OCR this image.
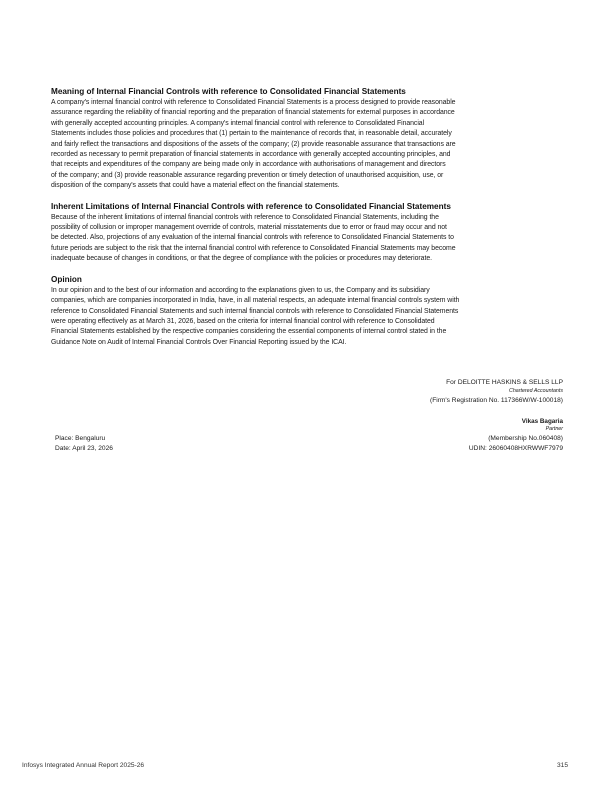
Meaning of Internal Financial Controls with reference to Consolidated Financial Statements
A company's internal financial control with reference to Consolidated Financial Statements is a process designed to provide reasonable
assurance regarding the reliability of financial reporting and the preparation of financial statements for external purposes in accordance
with generally accepted accounting principles. A company's internal financial control with reference to Consolidated Financial
Statements includes those policies and procedures that (1) pertain to the maintenance of records that, in reasonable detail, accurately
and fairly reflect the transactions and dispositions of the assets of the company; (2) provide reasonable assurance that transactions are
recorded as necessary to permit preparation of financial statements in accordance with generally accepted accounting principles, and
that receipts and expenditures of the company are being made only in accordance with authorisations of management and directors
of the company; and (3) provide reasonable assurance regarding prevention or timely detection of unauthorised acquisition, use, or
disposition of the company's assets that could have a material effect on the financial statements.
Inherent Limitations of Internal Financial Controls with reference to Consolidated Financial Statements
Because of the inherent limitations of internal financial controls with reference to Consolidated Financial Statements, including the
possibility of collusion or improper management override of controls, material misstatements due to error or fraud may occur and not
be detected. Also, projections of any evaluation of the internal financial controls with reference to Consolidated Financial Statements to
future periods are subject to the risk that the internal financial control with reference to Consolidated Financial Statements may become
inadequate because of changes in conditions, or that the degree of compliance with the policies or procedures may deteriorate.
Opinion
In our opinion and to the best of our information and according to the explanations given to us, the Company and its subsidiary
companies, which are companies incorporated in India, have, in all material respects, an adequate internal financial controls system with
reference to Consolidated Financial Statements and such internal financial controls with reference to Consolidated Financial Statements
were operating effectively as at March 31, 2026, based on the criteria for internal financial control with reference to Consolidated
Financial Statements established by the respective companies considering the essential components of internal control stated in the
Guidance Note on Audit of Internal Financial Controls Over Financial Reporting issued by the ICAI.
For DELOITTE HASKINS & SELLS LLP
Chartered Accountants
(Firm's Registration No. 117366W/W-100018)
Vikas Bagaria
Partner
(Membership No.060408)
UDIN: 26060408HXRWWF7979
Place: Bengaluru
Date: April 23, 2026
Infosys Integrated Annual Report 2025-26	315
